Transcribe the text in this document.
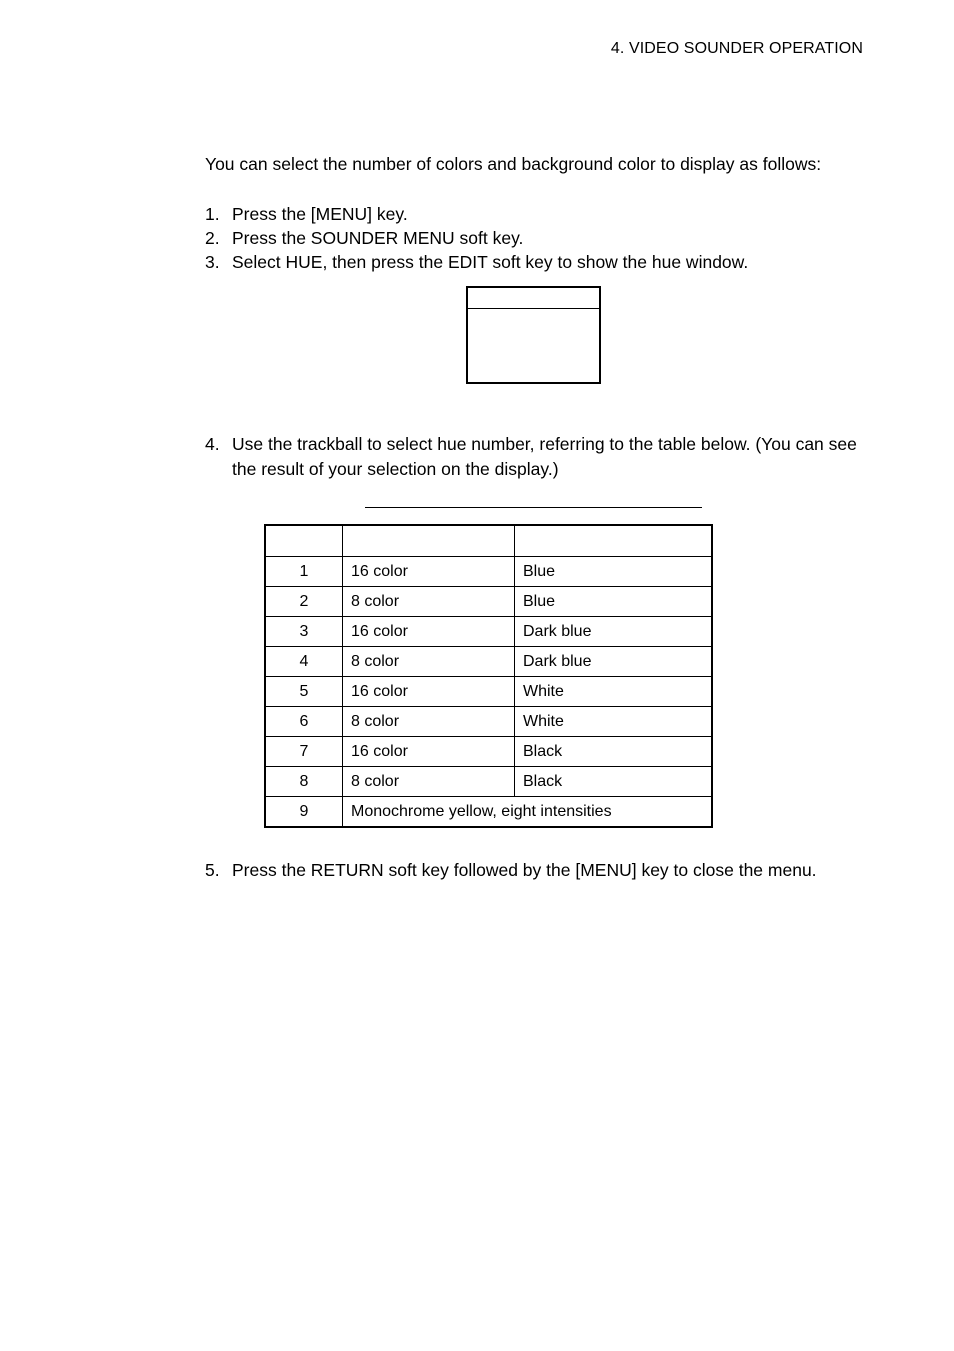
4. VIDEO SOUNDER OPERATION
You can select the number of colors and background color to display as follows:
1. Press the [MENU] key.
2. Press the SOUNDER MENU soft key.
3. Select HUE, then press the EDIT soft key to show the hue window.
4. Use the trackball to select hue number, referring to the table below. (You can see the result of your selection on the display.)

1	16 color	Blue
2	8 color	Blue
3	16 color	Dark blue
4	8 color	Dark blue
5	16 color	White
6	8 color	White
7	16 color	Black
8	8 color	Black
9	Monochrome yellow, eight intensities	
5. Press the RETURN soft key followed by the [MENU] key to close the menu.
